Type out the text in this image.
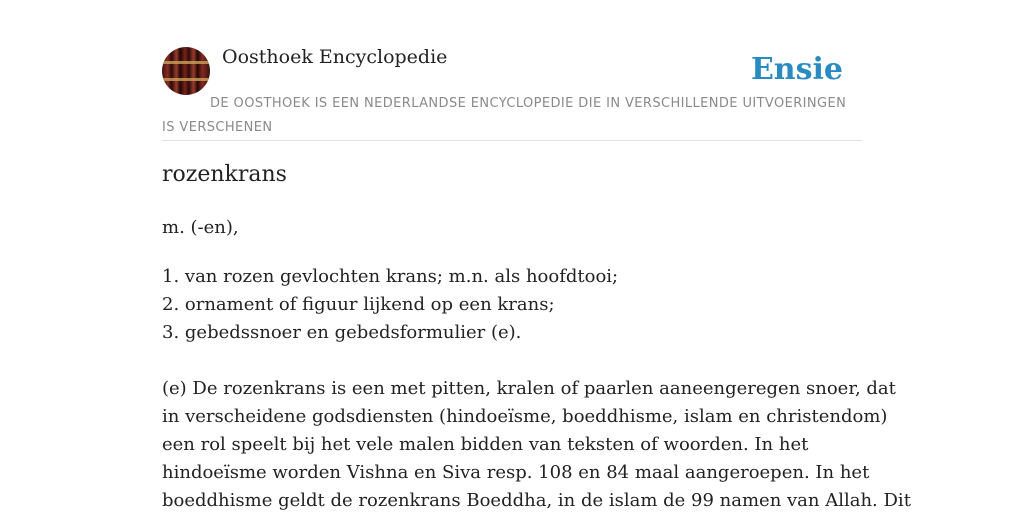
Oosthoek Encyclopedie	Ensie
DE OOSTHOEK IS EEN NEDERLANDSE ENCYCLOPEDIE DIE IN VERSCHILLENDE UITVOERINGEN IS VERSCHENEN
rozenkrans
m. (-en),
1. van rozen gevlochten krans; m.n. als hoofdtooi;
2. ornament of figuur lijkend op een krans;
3. gebedssnoer en gebedsformulier (e).
(e) De rozenkrans is een met pitten, kralen of paarlen aaneengeregen snoer, dat
in verscheidene godsdiensten (hindoeïsme, boeddhisme, islam en christendom)
een rol speelt bij het vele malen bidden van teksten of woorden. In het
hindoeïsme worden Vishna en Siva resp. 108 en 84 maal aangeroepen. In het
boeddhisme geldt de rozenkrans Boeddha, in de islam de 99 namen van Allah. Dit
